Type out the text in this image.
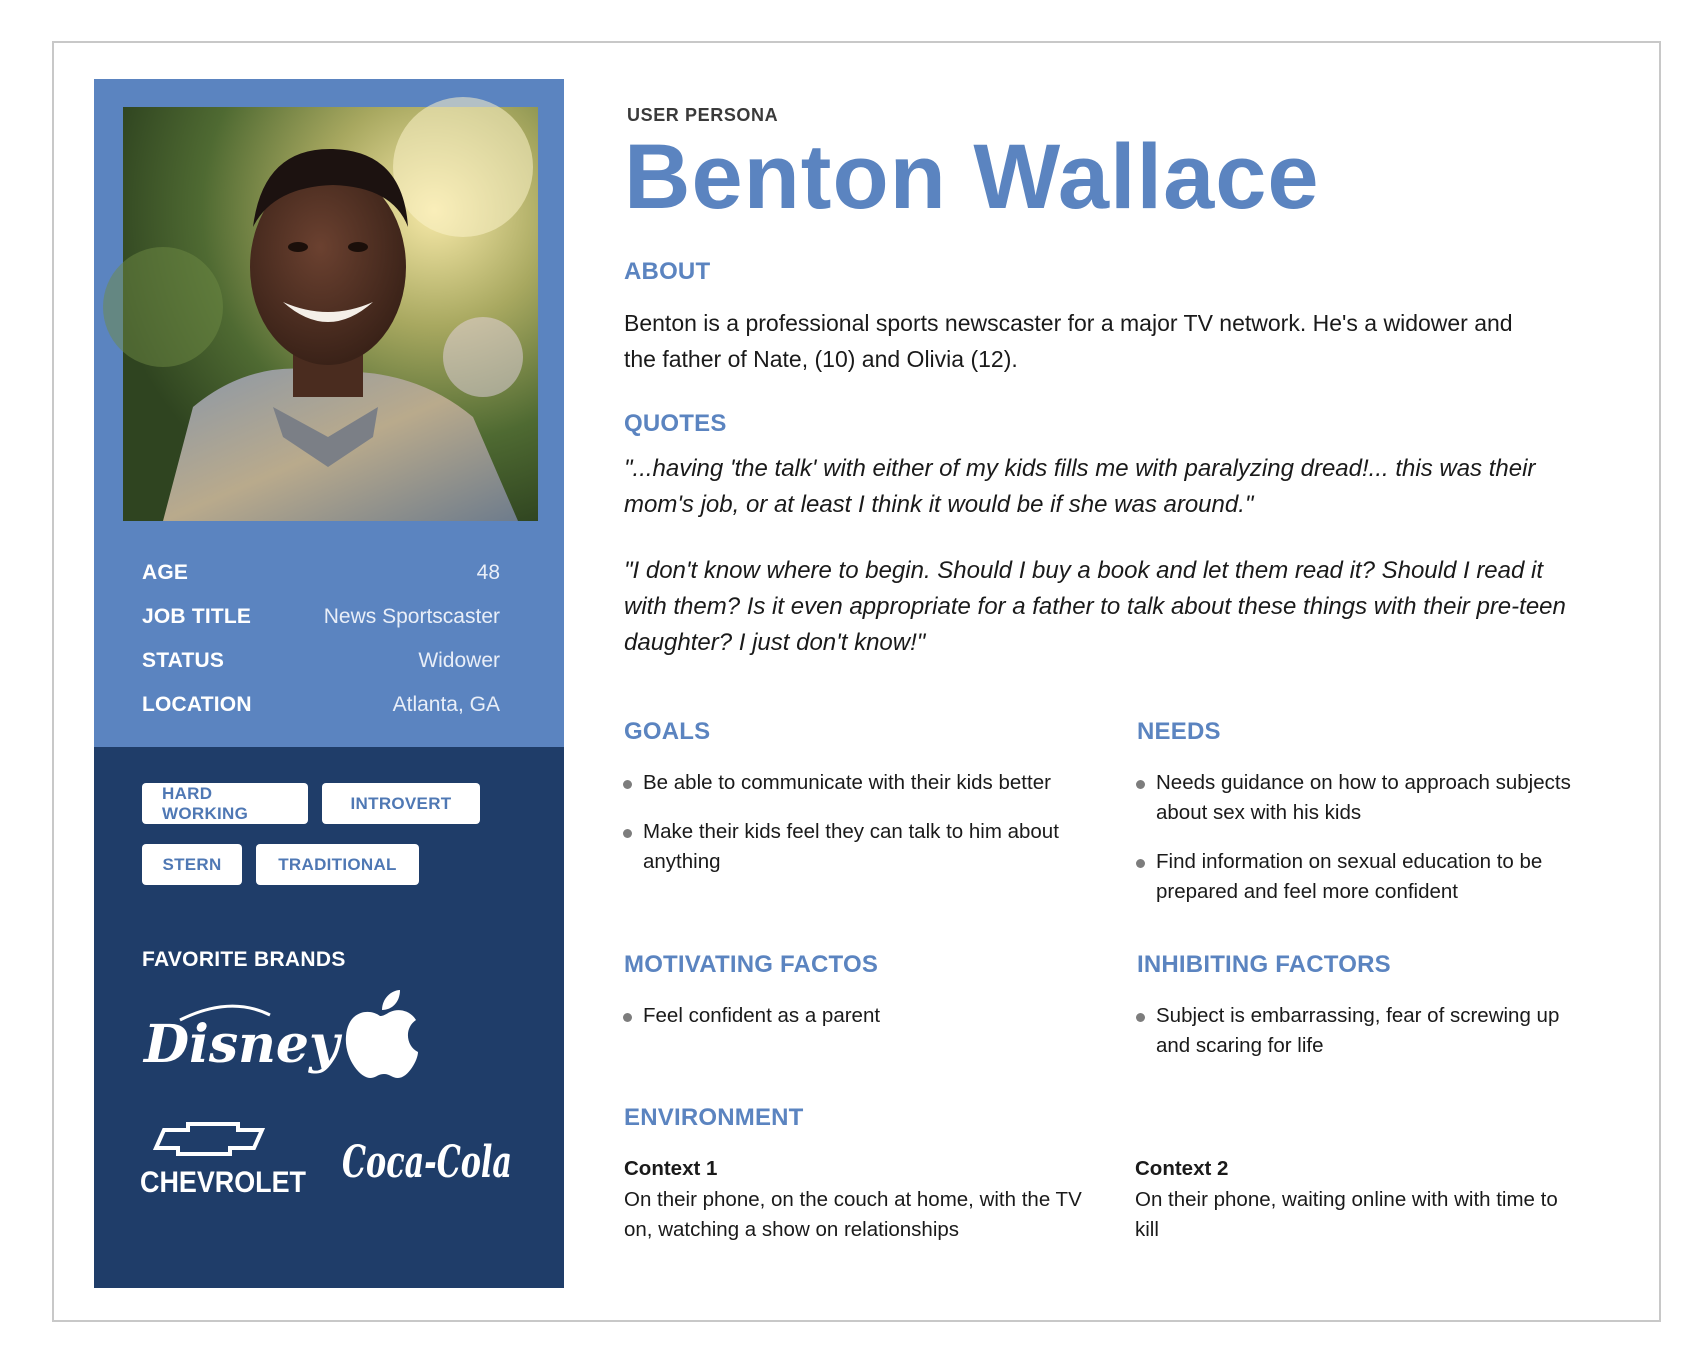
AGE	48
JOB TITLE	News Sportscaster
STATUS	Widower
LOCATION	Atlanta, GA
HARD WORKING
INTROVERT
STERN	TRADITIONAL
FAVORITE BRANDS
Disney
CHEVROLET Coca-Cola
USER PERSONA
Benton Wallace
ABOUT
Benton is a professional sports newscaster for a major TV network. He's a widower and the father of Nate, (10) and Olivia (12).
QUOTES
"...having 'the talk' with either of my kids fills me with paralyzing dread!... this was their mom's job, or at least I think it would be if she was around."
"I don't know where to begin. Should I buy a book and let them read it? Should I read it with them? Is it even appropriate for a father to talk about these things with their pre-teen daughter? I just don't know!"
GOALS
Be able to communicate with their kids better
Make their kids feel they can talk to him about anything
NEEDS
Needs guidance on how to approach subjects about sex with his kids
Find information on sexual education to be prepared and feel more confident
MOTIVATING FACTOS
Feel confident as a parent
INHIBITING FACTORS
Subject is embarrassing, fear of screwing up and scaring for life
ENVIRONMENT
Context 1
On their phone, on the couch at home, with the TV on, watching a show on relationships
Context 2
On their phone, waiting online with with time to kill
